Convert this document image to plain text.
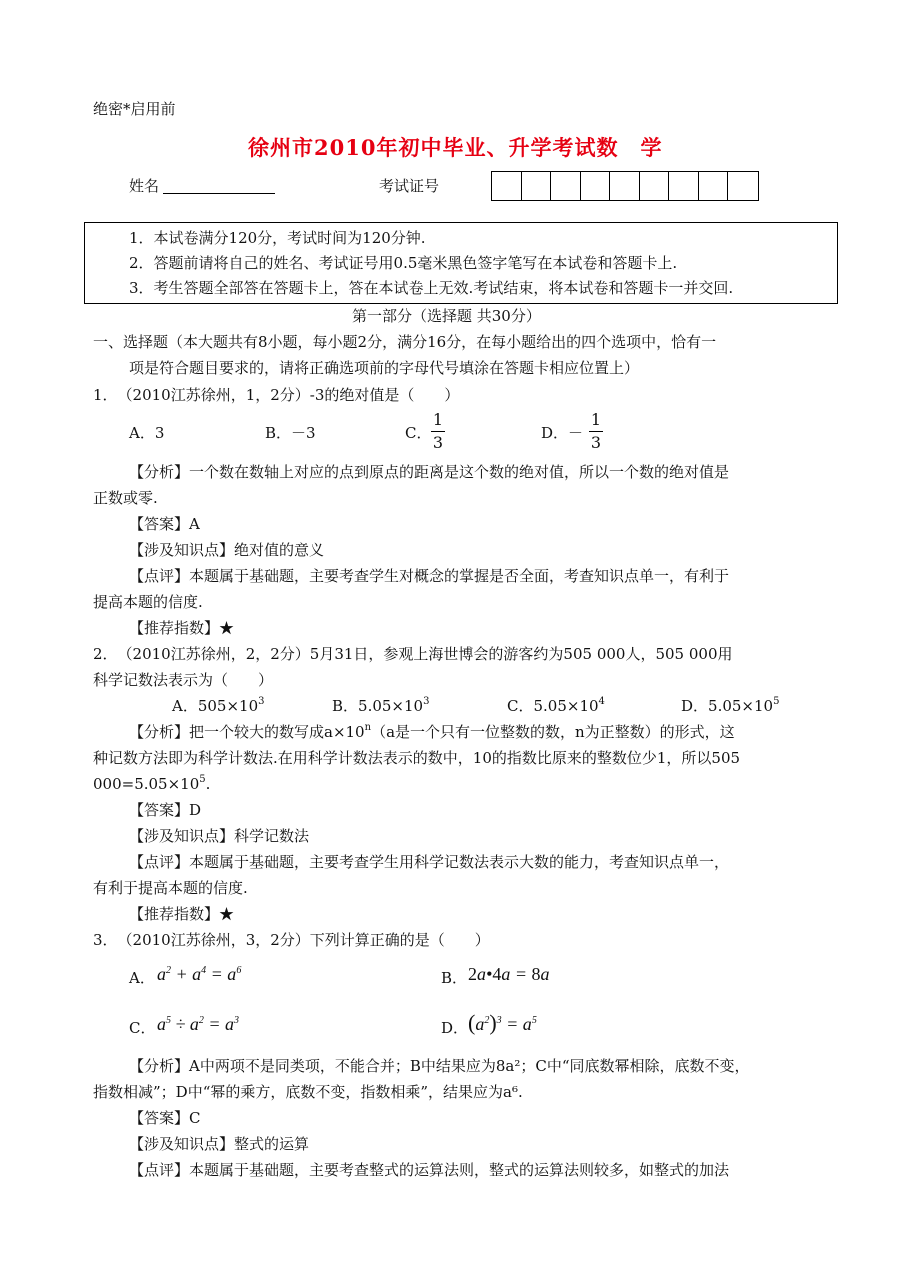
绝密*启用前
徐州市2010年初中毕业、升学考试数　学
姓名	考试证号
1．本试卷满分120分，考试时间为120分钟.
2．答题前请将自己的姓名、考试证号用0.5毫米黑色签字笔写在本试卷和答题卡上.
3．考生答题全部答在答题卡上，答在本试卷上无效.考试结束，将本试卷和答题卡一并交回.
第一部分（选择题 共30分）
一、选择题（本大题共有8小题，每小题2分，满分16分，在每小题给出的四个选项中，恰有一
项是符合题目要求的，请将正确选项前的字母代号填涂在答题卡相应位置上）
1．　（2010江苏徐州，1，2分）-3的绝对值是（　　）
A．3	B．－3	C．
1
3	D．－
1
3
【分析】一个数在数轴上对应的点到原点的距离是这个数的绝对值，所以一个数的绝对值是
正数或零.
【答案】A
【涉及知识点】绝对值的意义
【点评】本题属于基础题，主要考查学生对概念的掌握是否全面，考查知识点单一，有利于
提高本题的信度.
【推荐指数】★
2．　（2010江苏徐州，2，2分）5月31日，参观上海世博会的游客约为505 000人，505 000用
科学记数法表示为（　　）
A．$505\times 10^3$	B．$5.05\times 10^3$	C．$5.05\times 10^4$	D．$5.05\times 10^5$
【分析】把一个较大的数写成$a\times 10^n(a$是一个只有一位整数的数，n为正整数）的形式，这
种记数方法即为科学计数法.在用科学计数法表示的数中，10的指数比原来的整数位少1，所以505
$000=5.05\times 10^5$.
【答案】D
【涉及知识点】科学记数法
【点评】本题属于基础题，主要考查学生用科学记数法表示大数的能力，考查知识点单一，
有利于提高本题的信度.
【推荐指数】★
3．　（2010江苏徐州，3，2分）下列计算正确的是（　　）
A． $a^2 + a^4 = a^6$	B． 2a•4a = 8a
C． $a^5 \div a^2 = a^3$	D． $(a^2)^3 = a^5$
【分析】A中两项不是同类项，不能合并；B中结果应为8a²；C中“同底数幂相除，底数不变，
指数相减”；D中“幂的乘方，底数不变，指数相乘”，结果应为a⁶.
【答案】C
【涉及知识点】整式的运算
【点评】本题属于基础题，主要考查整式的运算法则，整式的运算法则较多，如整式的加法
